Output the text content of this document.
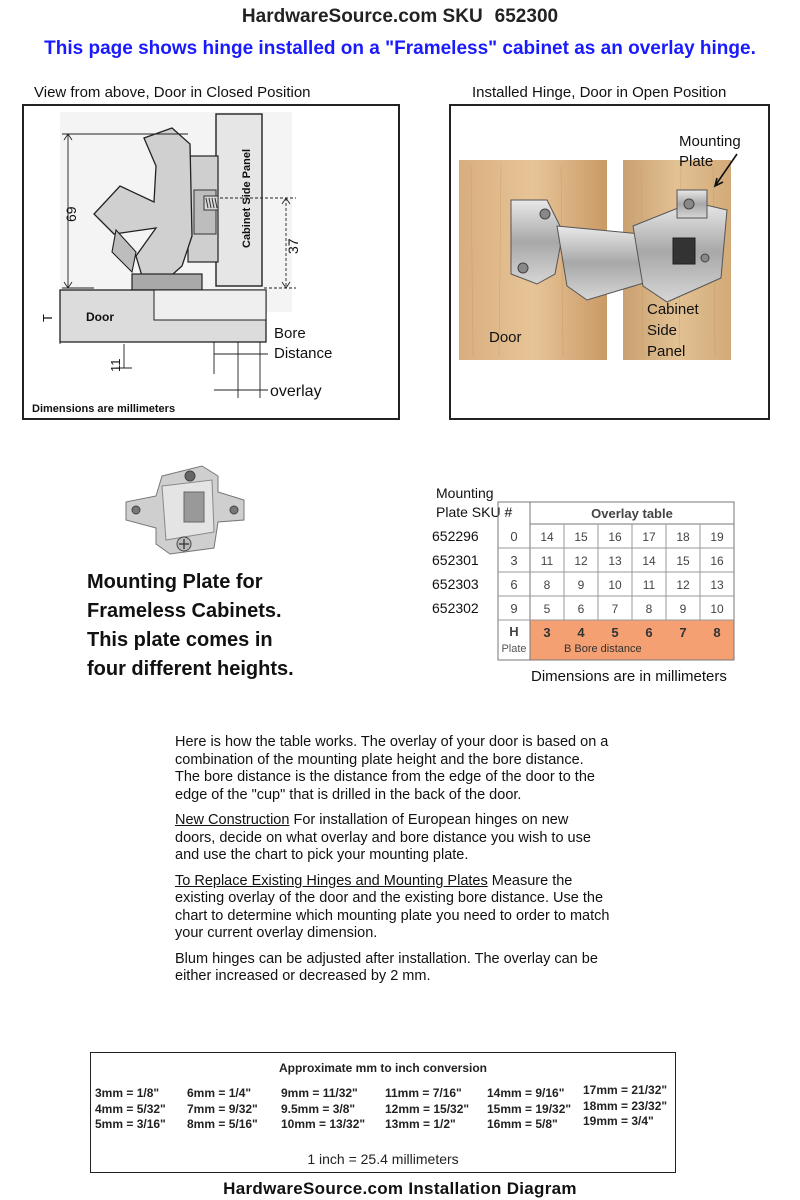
HardwareSource.com SKU 652300
This page shows hinge installed on a "Frameless" cabinet as an overlay hinge.
View from above, Door in Closed Position	Installed Hinge, Door in Open Position
Cabinet Side Panel
Door
69
37
T
11
Bore
Distance
overlay
Dimensions are millimeters
Mounting
Plate
Door
Cabinet
Side
Panel
Mounting Plate for
Frameless Cabinets.
This plate comes in
four different heights.
Mounting
Plate SKU #	Overlay table
652296 0 14 15 16 17 18 19
652301 3 11 12 13 14 15 16
652303 6 8 9 10 11 12 13
652302 9 5 6 7 8 9 10
H
Plate
3 4 5 6 7 8
B Bore distance
Dimensions are in millimeters

Here is how the table works. The overlay of your door is based on a combination of the mounting plate height and the bore distance. The bore distance is the distance from the edge of the door to the edge of the "cup" that is drilled in the back of the door.

New Construction For installation of European hinges on new doors, decide on what overlay and bore distance you wish to use and use the chart to pick your mounting plate.

To Replace Existing Hinges and Mounting Plates Measure the existing overlay of the door and the existing bore distance. Use the chart to determine which mounting plate you need to order to match your current overlay dimension.

Blum hinges can be adjusted after installation. The overlay can be either increased or decreased by 2 mm.

Approximate mm to inch conversion
3mm = 1/8"
4mm = 5/32"
5mm = 3/16"
6mm = 1/4"
7mm = 9/32"
8mm = 5/16"
9mm = 11/32"
9.5mm = 3/8"
10mm = 13/32"
11mm = 7/16"
12mm = 15/32"
13mm = 1/2"
14mm = 9/16"
15mm = 19/32"
16mm = 5/8"
17mm = 21/32"
18mm = 23/32"
19mm = 3/4"
1 inch = 25.4 millimeters
HardwareSource.com Installation Diagram
